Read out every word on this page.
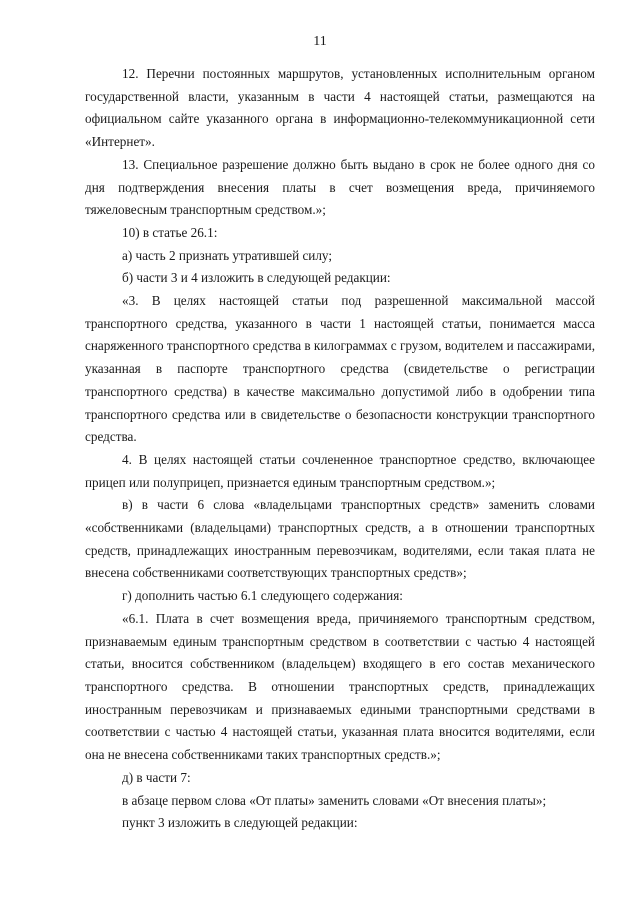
11

12. Перечни постоянных маршрутов, установленных исполнительным органом государственной власти, указанным в части 4 настоящей статьи, размещаются на официальном сайте указанного органа в информационно-телекоммуникационной сети «Интернет».

13. Специальное разрешение должно быть выдано в срок не более одного дня со дня подтверждения внесения платы в счет возмещения вреда, причиняемого тяжеловесным транспортным средством.»;

10) в статье 26.1:

а) часть 2 признать утратившей силу;

б) части 3 и 4 изложить в следующей редакции:

«3. В целях настоящей статьи под разрешенной максимальной массой транспортного средства, указанного в части 1 настоящей статьи, понимается масса снаряженного транспортного средства в килограммах с грузом, водителем и пассажирами, указанная в паспорте транспортного средства (свидетельстве о регистрации транспортного средства) в качестве максимально допустимой либо в одобрении типа транспортного средства или в свидетельстве о безопасности конструкции транспортного средства.

4. В целях настоящей статьи сочлененное транспортное средство, включающее прицеп или полуприцеп, признается единым транспортным средством.»;

в) в части 6 слова «владельцами транспортных средств» заменить словами «собственниками (владельцами) транспортных средств, а в отношении транспортных средств, принадлежащих иностранным перевозчикам, водителями, если такая плата не внесена собственниками соответствующих транспортных средств»;

г) дополнить частью 6.1 следующего содержания:

«6.1. Плата в счет возмещения вреда, причиняемого транспортным средством, признаваемым единым транспортным средством в соответствии с частью 4 настоящей статьи, вносится собственником (владельцем) входящего в его состав механического транспортного средства. В отношении транспортных средств, принадлежащих иностранным перевозчикам и признаваемых едиными транспортными средствами в соответствии с частью 4 настоящей статьи, указанная плата вносится водителями, если она не внесена собственниками таких транспортных средств.»;

д) в части 7:

в абзаце первом слова «От платы» заменить словами «От внесения платы»;

пункт 3 изложить в следующей редакции:
